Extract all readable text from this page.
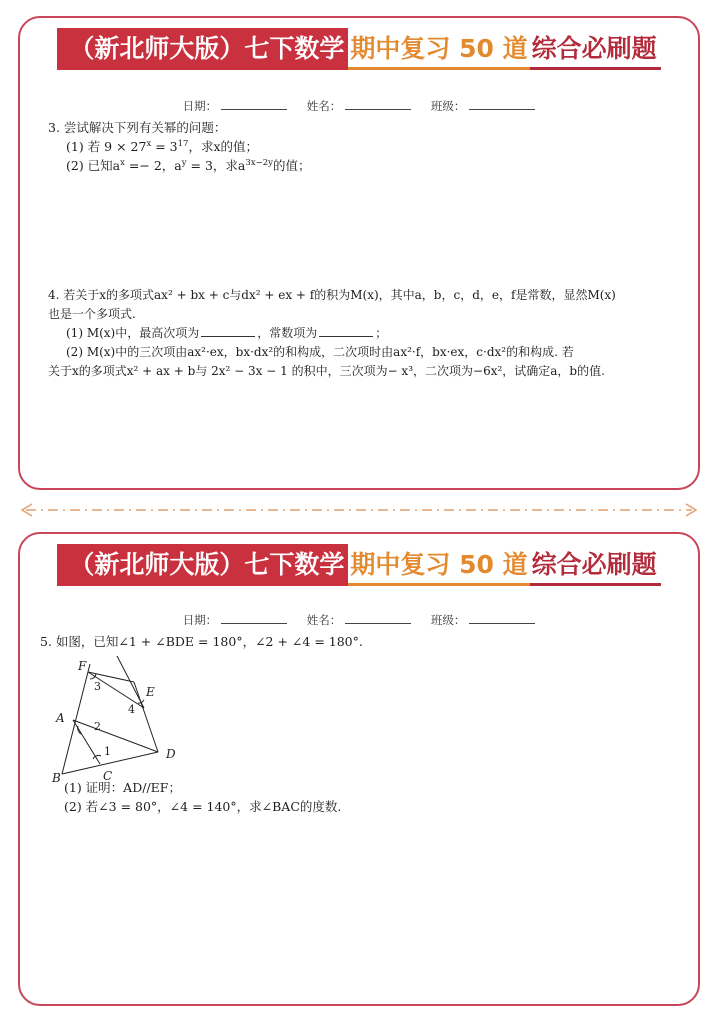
（新北师大版）七下数学 期中复习 50 道 综合必刷题
日期：	姓名：	班级：
3. 尝试解决下列有关幂的问题：
(1) 若 $9 \times 27^x = 3^{17}$，求x的值；
(2) 已知$a^x =- 2$，$a^y = 3$，求$a^{3x-2y}$的值；
4. 若关于x的多项式ax² + bx + c与dx² + ex + f的积为M(x)，其中a，b，c，d，e，f是常数，显然M(x)
也是一个多项式.
(1) M(x)中，最高次项为	，常数项为	；
(2) M(x)中的三次项由ax²·ex，bx·dx²的和构成，二次项时由ax²·f，bx·ex，c·dx²的和构成. 若
关于x的多项式x² + ax + b与 2x² − 3x − 1 的积中，三次项为− x³，二次项为−6x²，试确定a，b的值.
（新北师大版）七下数学 期中复习 50 道 综合必刷题
日期：	姓名：	班级：
5. 如图，已知∠1 + ∠BDE = 180°，∠2 + ∠4 = 180°.
F
E
A
D
B	C
1
2
3
4
(1) 证明：AD//EF；
(2) 若∠3 = 80°，∠4 = 140°，求∠BAC的度数.
